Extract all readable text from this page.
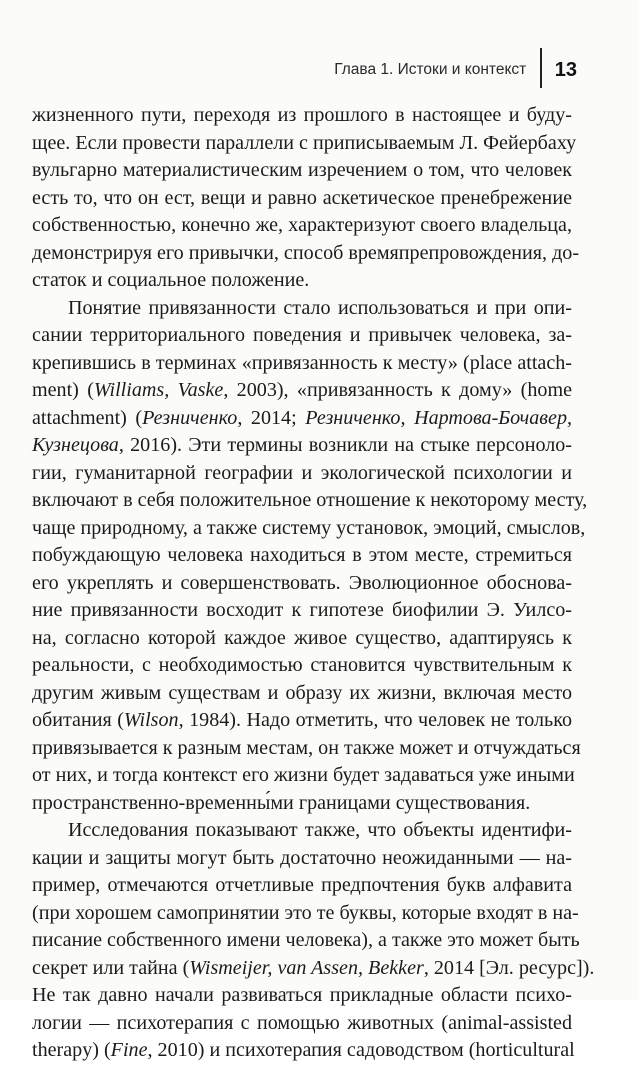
Глава 1. Истоки и контекст	13
жизненного пути, переходя из прошлого в настоящее и буду-
щее. Если провести параллели с приписываемым Л. Фейербаху
вульгарно материалистическим изречением о том, что человек
есть то, что он ест, вещи и равно аскетическое пренебрежение
собственностью, конечно же, характеризуют своего владельца,
демонстрируя его привычки, способ времяпрепровождения, до-
статок и социальное положение.
Понятие привязанности стало использоваться и при опи-
сании территориального поведения и привычек человека, за-
крепившись в терминах «привязанность к месту» (place attach-
ment) (Williams, Vaske, 2003), «привязанность к дому» (home
attachment) (Резниченко, 2014; Резниченко, Нартова-Бочавер,
Кузнецова, 2016). Эти термины возникли на стыке персоноло-
гии, гуманитарной географии и экологической психологии и
включают в себя положительное отношение к некоторому месту,
чаще природному, а также систему установок, эмоций, смыслов,
побуждающую человека находиться в этом месте, стремиться
его укреплять и совершенствовать. Эволюционное обоснова-
ние привязанности восходит к гипотезе биофилии Э. Уилсо-
на, согласно которой каждое живое существо, адаптируясь к
реальности, с необходимостью становится чувствительным к
другим живым существам и образу их жизни, включая место
обитания (Wilson, 1984). Надо отметить, что человек не только
привязывается к разным местам, он также может и отчуждаться
от них, и тогда контекст его жизни будет задаваться уже иными
пространственно-временны́ми границами существования.
Исследования показывают также, что объекты идентифи-
кации и защиты могут быть достаточно неожиданными — на-
пример, отмечаются отчетливые предпочтения букв алфавита
(при хорошем самопринятии это те буквы, которые входят в на-
писание собственного имени человека), а также это может быть
секрет или тайна (Wismeijer, van Assen, Bekker, 2014 [Эл. ресурс]).
Не так давно начали развиваться прикладные области психо-
логии — психотерапия с помощью животных (animal-assisted
therapy) (Fine, 2010) и психотерапия садоводством (horticultural
